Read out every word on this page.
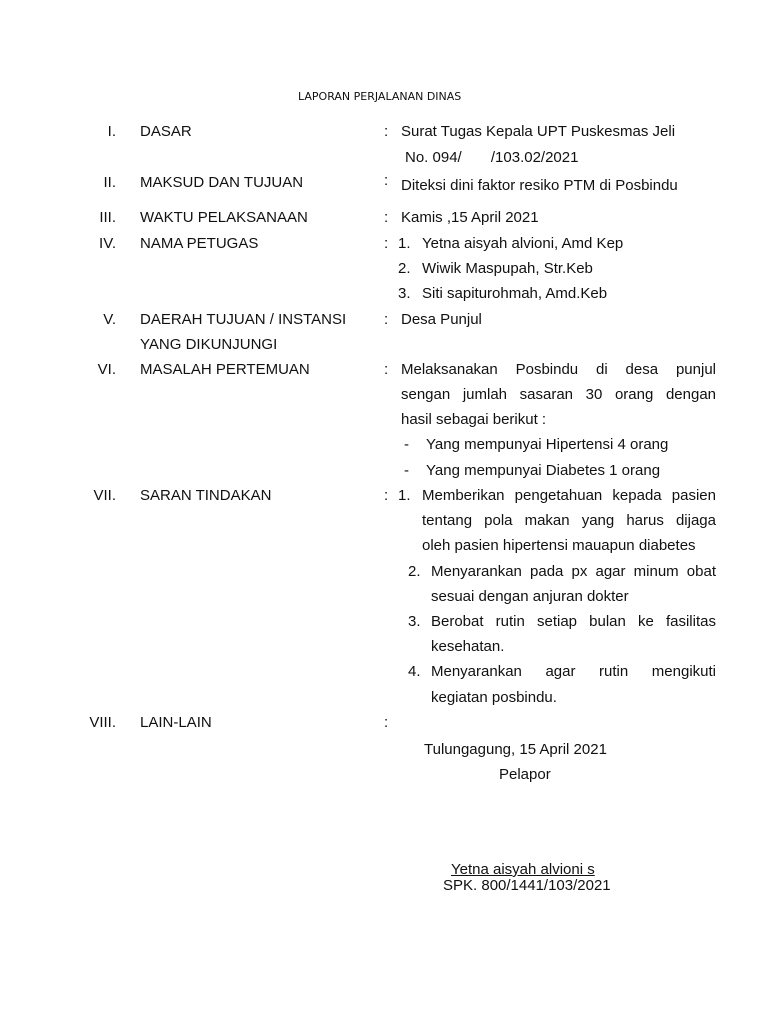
LAPORAN PERJALANAN DINAS
I. DASAR	: Surat Tugas Kepala UPT Puskesmas Jeli
No. 094/       /103.02/2021
II. MAKSUD DAN TUJUAN	: Diteksi dini faktor resiko PTM di Posbindu
III. WAKTU PELAKSANAAN	: Kamis ,15 April 2021
IV. NAMA PETUGAS	: 1. Yetna aisyah alvioni, Amd Kep
2. Wiwik Maspupah, Str.Keb
3. Siti sapiturohmah, Amd.Keb
V. DAERAH TUJUAN / INSTANSI
YANG DIKUNJUNGI
: Desa Punjul
VI. MASALAH PERTEMUAN	: Melaksanakan Posbindu di desa punjul
sengan jumlah sasaran 30 orang dengan
hasil sebagai berikut :
- Yang mempunyai Hipertensi 4 orang
- Yang mempunyai Diabetes 1 orang
VII. SARAN TINDAKAN	: 1. Memberikan pengetahuan kepada pasien
tentang pola makan yang harus dijaga
oleh pasien hipertensi mauapun diabetes
2. Menyarankan pada px agar minum obat
sesuai dengan anjuran dokter
3. Berobat rutin setiap bulan ke fasilitas
kesehatan.
4. Menyarankan agar rutin mengikuti
kegiatan posbindu.
VIII. LAIN-LAIN	:
Tulungagung, 15 April 2021
Pelapor
Yetna aisyah alvioni s
SPK. 800/1441/103/2021
